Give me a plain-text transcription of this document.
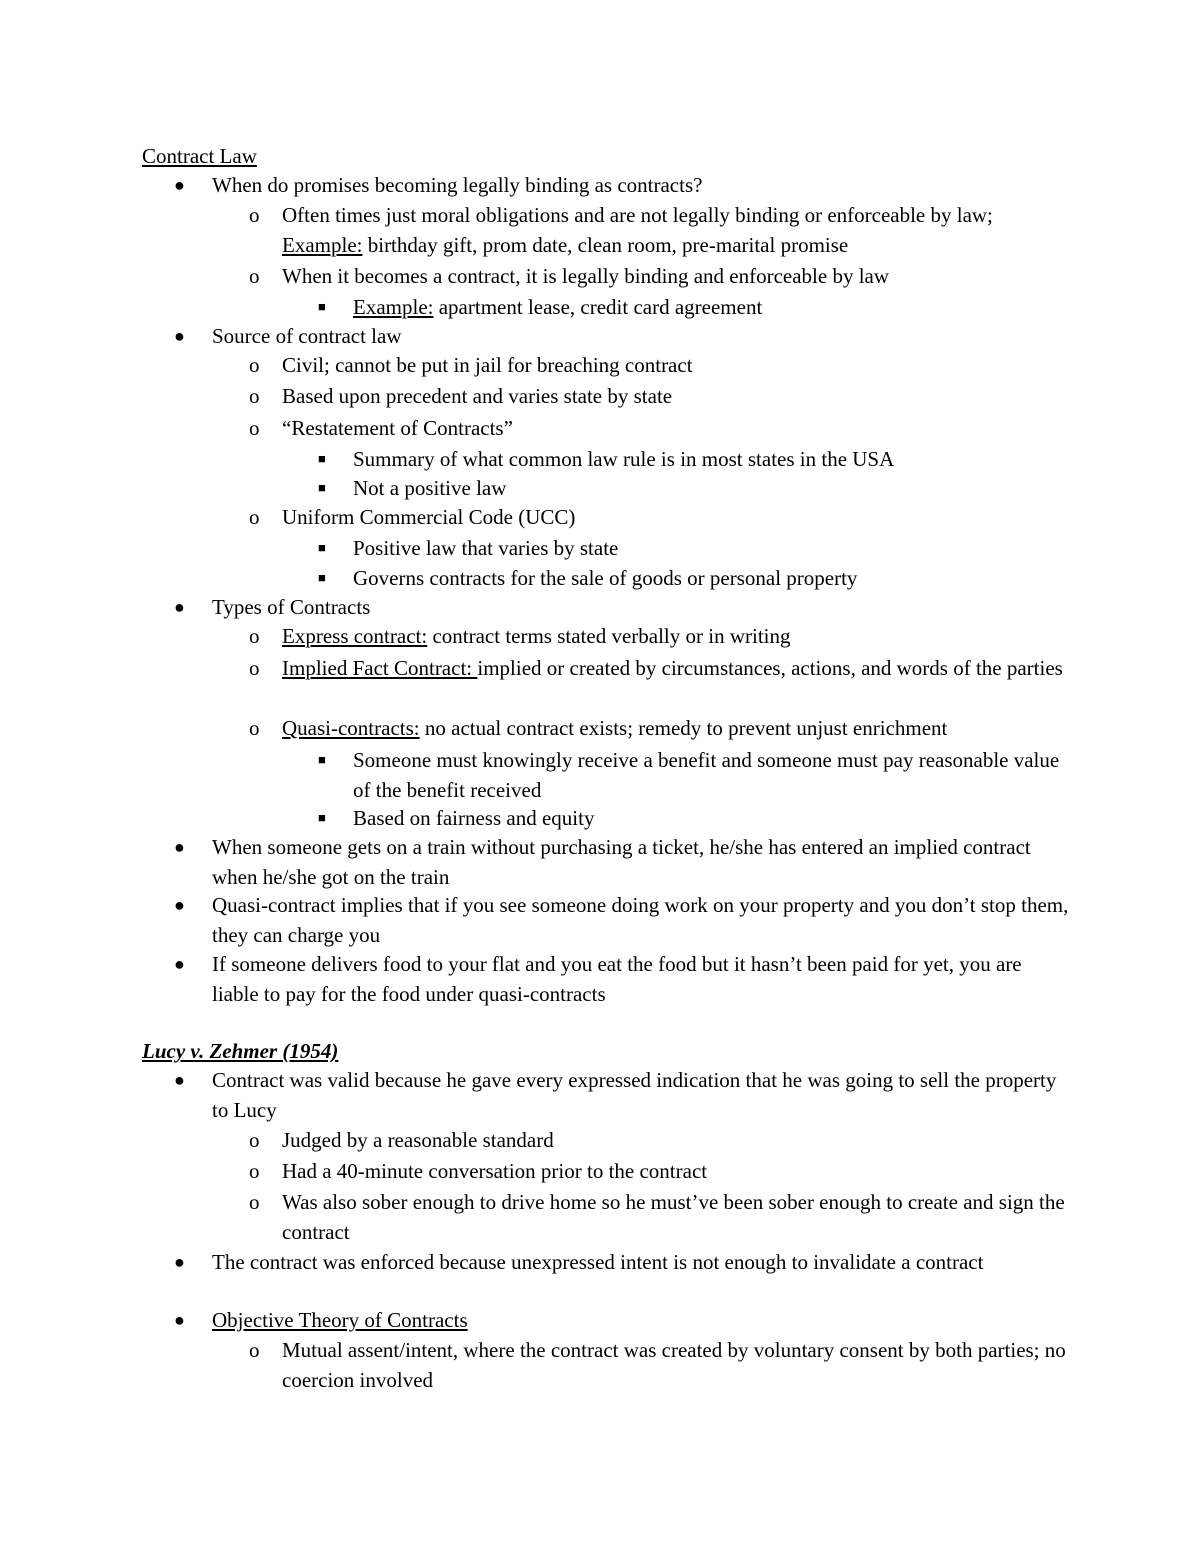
Contract Law
● When do promises becoming legally binding as contracts?
o Often times just moral obligations and are not legally binding or enforceable by law; Example: birthday gift, prom date, clean room, pre-marital promise
o When it becomes a contract, it is legally binding and enforceable by law
■ Example: apartment lease, credit card agreement
● Source of contract law
o Civil; cannot be put in jail for breaching contract
o Based upon precedent and varies state by state
o “Restatement of Contracts”
■ Summary of what common law rule is in most states in the USA
■ Not a positive law
o Uniform Commercial Code (UCC)
■ Positive law that varies by state
■ Governs contracts for the sale of goods or personal property
● Types of Contracts
o Express contract: contract terms stated verbally or in writing
o Implied Fact Contract: implied or created by circumstances, actions, and words of the parties
o Quasi-contracts: no actual contract exists; remedy to prevent unjust enrichment
■ Someone must knowingly receive a benefit and someone must pay reasonable value of the benefit received
■ Based on fairness and equity
● When someone gets on a train without purchasing a ticket, he/she has entered an implied contract when he/she got on the train
● Quasi-contract implies that if you see someone doing work on your property and you don’t stop them, they can charge you
● If someone delivers food to your flat and you eat the food but it hasn’t been paid for yet, you are liable to pay for the food under quasi-contracts
Lucy v. Zehmer (1954)
● Contract was valid because he gave every expressed indication that he was going to sell the property to Lucy
o Judged by a reasonable standard
o Had a 40-minute conversation prior to the contract
o Was also sober enough to drive home so he must’ve been sober enough to create and sign the contract
● The contract was enforced because unexpressed intent is not enough to invalidate a contract
● Objective Theory of Contracts
o Mutual assent/intent, where the contract was created by voluntary consent by both parties; no coercion involved
